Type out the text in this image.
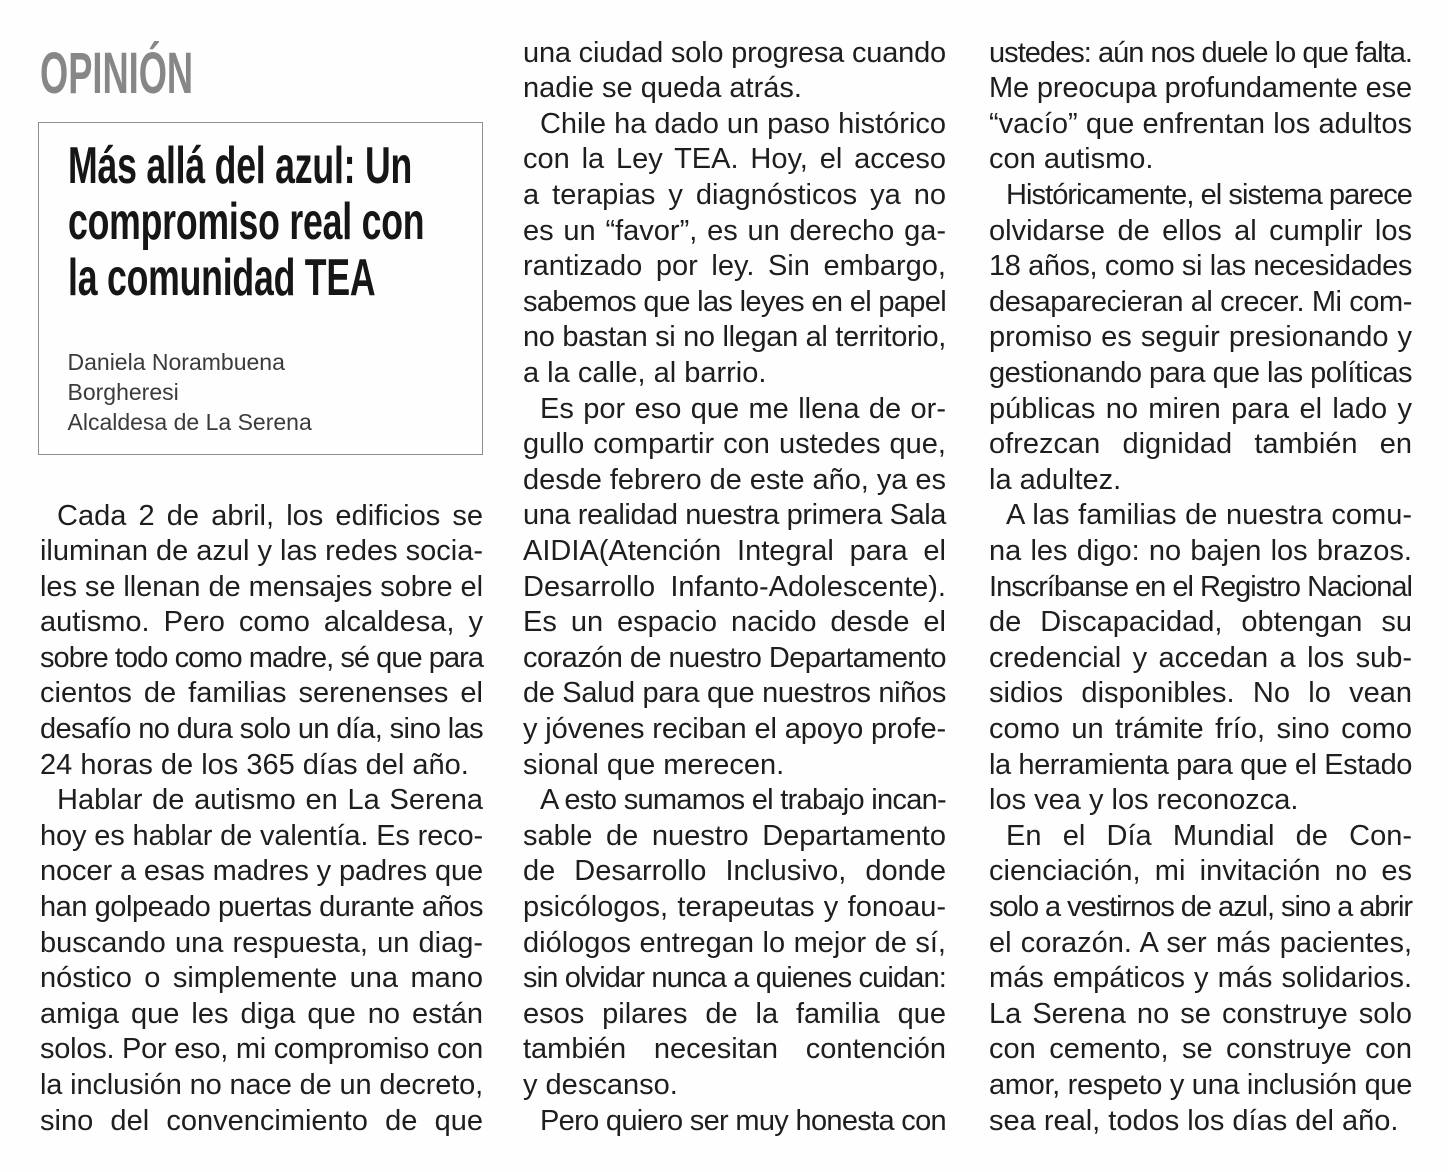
OPINIÓN
Más allá del azul: Un
compromiso real con
la comunidad TEA
Daniela Norambuena
Borgheresi
Alcaldesa de La Serena
Cada 2 de abril, los edificios se
iluminan de azul y las redes socia-
les se llenan de mensajes sobre el
autismo. Pero como alcaldesa, y
sobre todo como madre, sé que para
cientos de familias serenenses el
desafío no dura solo un día, sino las
24 horas de los 365 días del año.
Hablar de autismo en La Serena
hoy es hablar de valentía. Es reco-
nocer a esas madres y padres que
han golpeado puertas durante años
buscando una respuesta, un diag-
nóstico o simplemente una mano
amiga que les diga que no están
solos. Por eso, mi compromiso con
la inclusión no nace de un decreto,
sino del convencimiento de que
una ciudad solo progresa cuando
nadie se queda atrás.
Chile ha dado un paso histórico
con la Ley TEA. Hoy, el acceso
a terapias y diagnósticos ya no
es un “favor”, es un derecho ga-
rantizado por ley. Sin embargo,
sabemos que las leyes en el papel
no bastan si no llegan al territorio,
a la calle, al barrio.
Es por eso que me llena de or-
gullo compartir con ustedes que,
desde febrero de este año, ya es
una realidad nuestra primera Sala
AIDIA(Atención Integral para el
Desarrollo Infanto-Adolescente).
Es un espacio nacido desde el
corazón de nuestro Departamento
de Salud para que nuestros niños
y jóvenes reciban el apoyo profe-
sional que merecen.
A esto sumamos el trabajo incan-
sable de nuestro Departamento
de Desarrollo Inclusivo, donde
psicólogos, terapeutas y fonoau-
diólogos entregan lo mejor de sí,
sin olvidar nunca a quienes cuidan:
esos pilares de la familia que
también necesitan contención
y descanso.
Pero quiero ser muy honesta con
ustedes: aún nos duele lo que falta.
Me preocupa profundamente ese
“vacío” que enfrentan los adultos
con autismo.
Históricamente, el sistema parece
olvidarse de ellos al cumplir los
18 años, como si las necesidades
desaparecieran al crecer. Mi com-
promiso es seguir presionando y
gestionando para que las políticas
públicas no miren para el lado y
ofrezcan dignidad también en
la adultez.
A las familias de nuestra comu-
na les digo: no bajen los brazos.
Inscríbanse en el Registro Nacional
de Discapacidad, obtengan su
credencial y accedan a los sub-
sidios disponibles. No lo vean
como un trámite frío, sino como
la herramienta para que el Estado
los vea y los reconozca.
En el Día Mundial de Con-
cienciación, mi invitación no es
solo a vestirnos de azul, sino a abrir
el corazón. A ser más pacientes,
más empáticos y más solidarios.
La Serena no se construye solo
con cemento, se construye con
amor, respeto y una inclusión que
sea real, todos los días del año.
